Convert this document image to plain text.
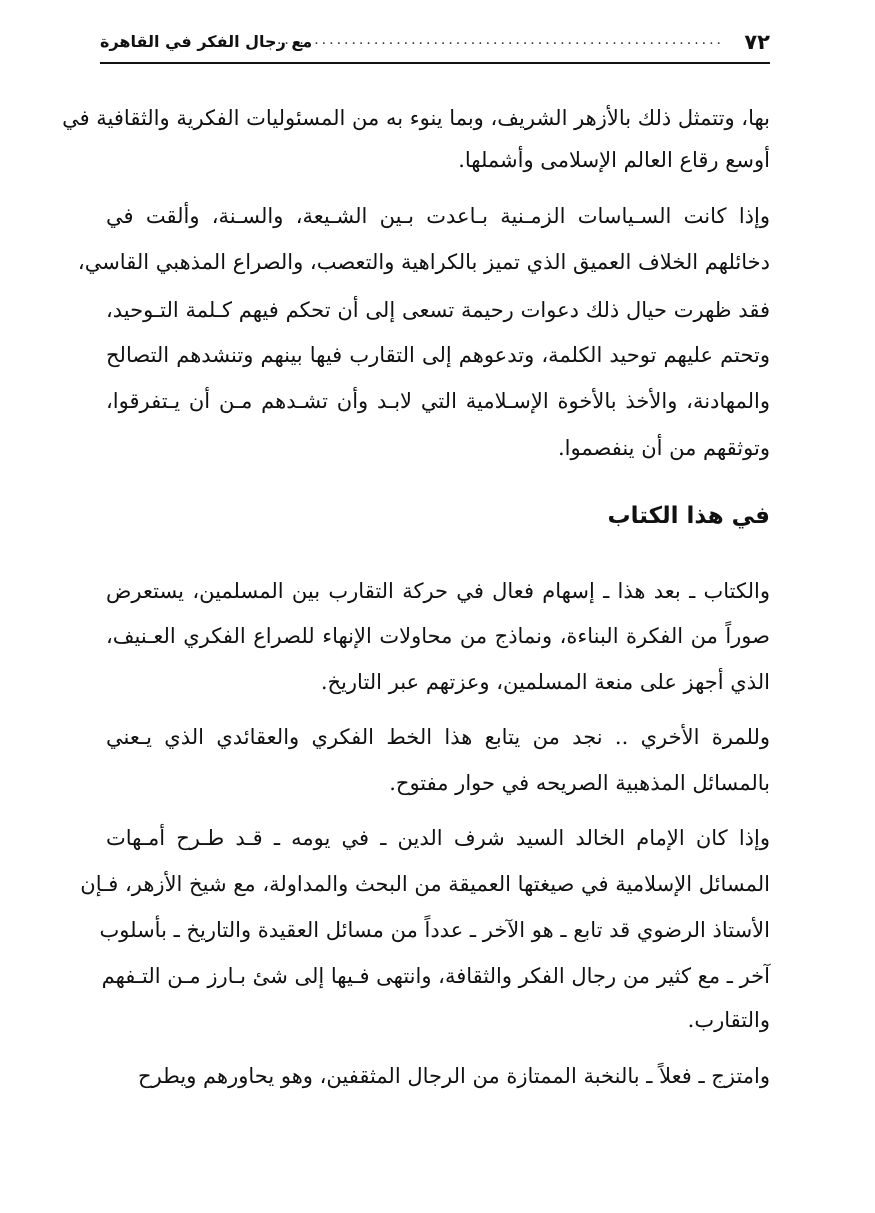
٧٢
............................................................
مع رجال الفكر في القاهرة
بها، وتتمثل ذلك بالأزهر الشريف، وبما ينوء به من المسئوليات الفكرية والثقافية في
أوسع رقاع العالم الإسلامى وأشملها.
وإذا كانت السـياسات الزمـنية بـاعدت بـين الشـيعة، والسـنة، وألقت في
دخائلهم الخلاف العميق الذي تميز بالكراهية والتعصب، والصراع المذهبي القاسي،
فقد ظهرت حيال ذلك دعوات رحيمة تسعى إلى أن تحكم فيهم كـلمة التـوحيد،
وتحتم عليهم توحيد الكلمة، وتدعوهم إلى التقارب فيها بينهم وتنشدهم التصالح
والمهادنة، والأخذ بالأخوة الإسـلامية التي لابـد وأن تشـدهم مـن أن يـتفرقوا،
وتوثقهم من أن ينفصموا.
في هذا الكتاب
والكتاب ـ بعد هذا ـ إسهام فعال في حركة التقارب بين المسلمين، يستعرض
صوراً من الفكرة البناءة، ونماذج من محاولات الإنهاء للصراع الفكري العـنيف،
الذي أجهز على منعة المسلمين، وعزتهم عبر التاريخ.
وللمرة الأخري .. نجد من يتابع هذا الخط الفكري والعقائدي الذي يـعني
بالمسائل المذهبية الصريحه في حوار مفتوح.
وإذا كان الإمام الخالد السيد شرف الدين ـ في يومه ـ قـد طـرح أمـهات
المسائل الإسلامية في صيغتها العميقة من البحث والمداولة، مع شيخ الأزهر، فـإن
الأستاذ الرضوي قد تابع ـ هو الآخر ـ عدداً من مسائل العقيدة والتاريخ ـ بأسلوب
آخر ـ مع كثير من رجال الفكر والثقافة، وانتهى فـيها إلى شئ بـارز مـن التـفهم
والتقارب.
وامتزج ـ فعلاً ـ بالنخبة الممتازة من الرجال المثقفين، وهو يحاورهم ويطرح
